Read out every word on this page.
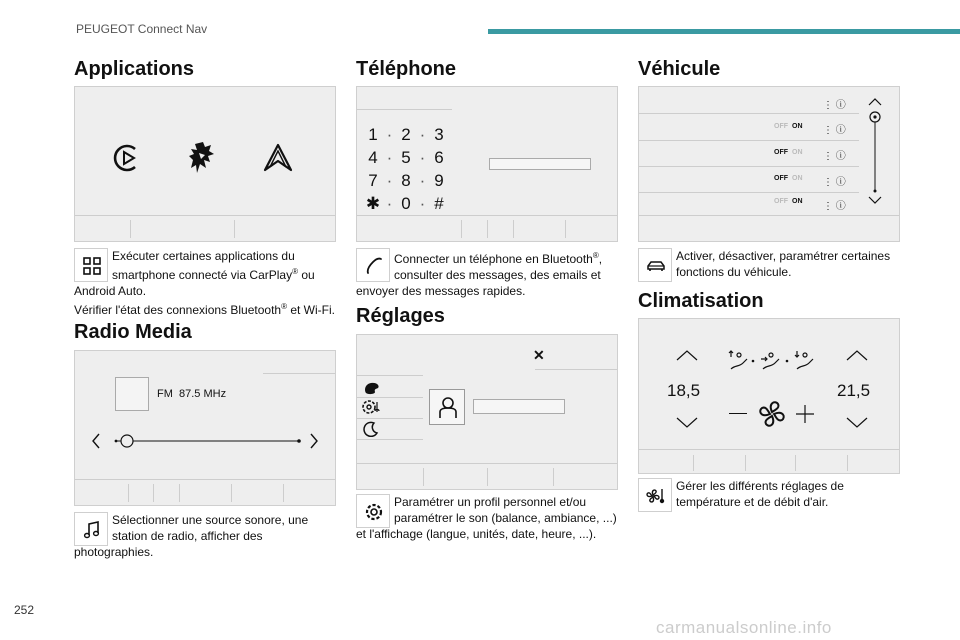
PEUGEOT Connect Nav
Applications

Exécuter certaines applications du

smartphone connecté via CarPlay® ou

Android Auto.

Vérifier l'état des connexions Bluetooth® et Wi-Fi.

Radio Media
FM 87.5 MHz

Sélectionner une source sonore, une

station de radio, afficher des

photographies.

Téléphone
1 · 2 · 3
4 · 5 · 6
7 · 8 · 9
✱ · 0 · #

Connecter un téléphone en Bluetooth®,

consulter des messages, des emails et

envoyer des messages rapides.

Réglages
✕

Paramétrer un profil personnel et/ou

paramétrer le son (balance, ambiance, ...)

et l'affichage (langue, unités, date, heure, ...).

Véhicule
⋮ ⓘ
OFF ON ⋮ ⓘ
OFF ON ⋮ ⓘ
OFF ON ⋮ ⓘ
OFF ON ⋮ ⓘ

Activer, désactiver, paramétrer certaines

fonctions du véhicule.

Climatisation
18,5	21,5

Gérer les différents réglages de

température et de débit d'air.

252
carmanualsonline.info
